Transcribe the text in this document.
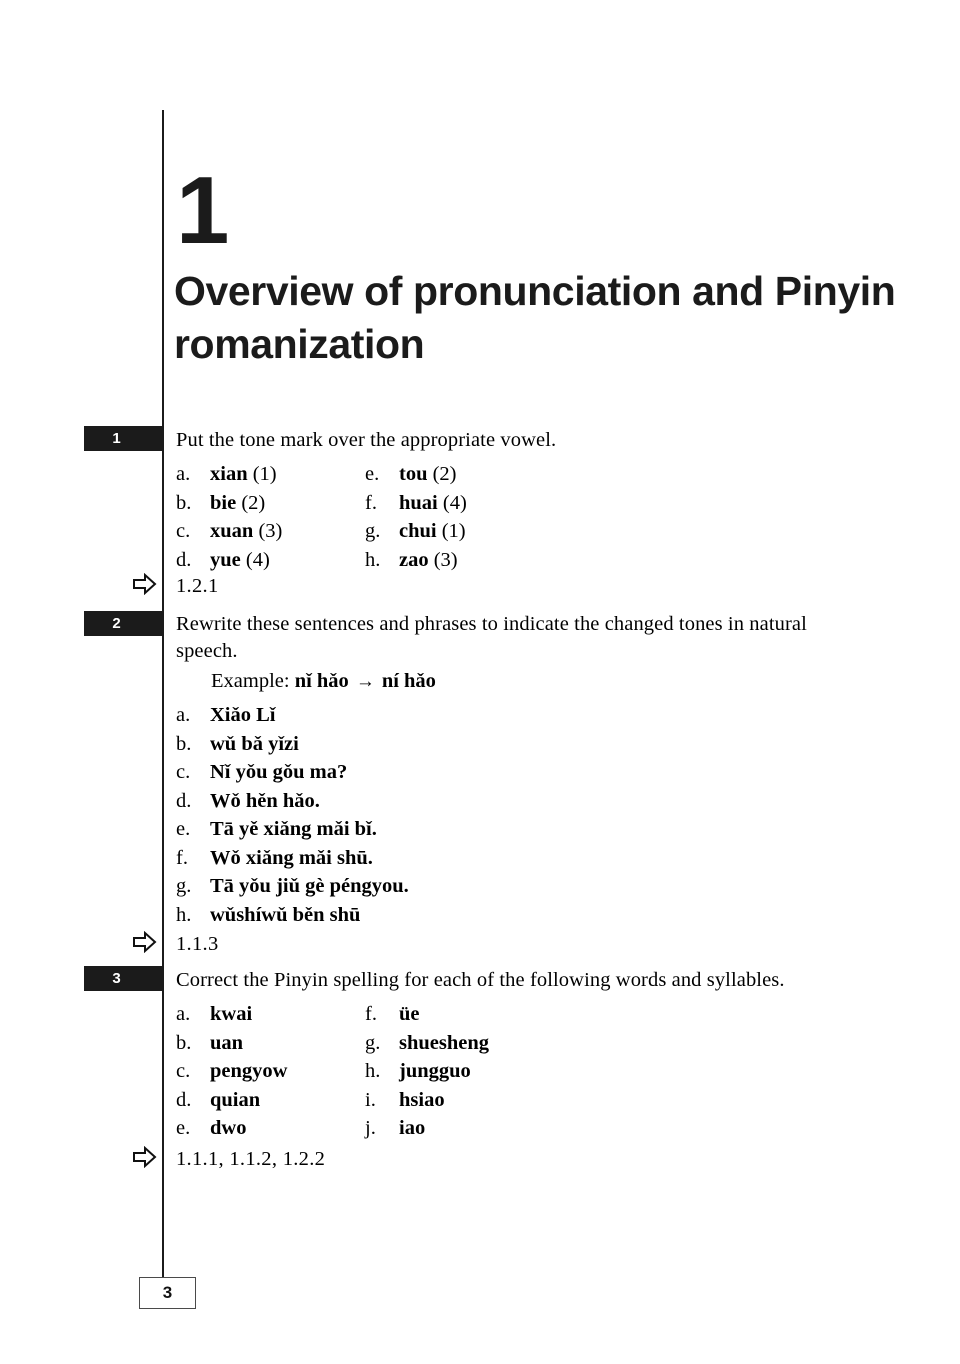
1
Overview of pronunciation and Pinyin romanization
1	Put the tone mark over the appropriate vowel.
a. xian (1)
b. bie (2)
c. xuan (3)
d. yue (4)
e. tou (2)
f. huai (4)
g. chui (1)
h. zao (3)
1.2.1
2	Rewrite these sentences and phrases to indicate the changed tones in natural speech.
Example: nǐ hǎo → ní hǎo
a. Xiǎo Lǐ
b. wǔ bǎ yǐzi
c. Nǐ yǒu gǒu ma?
d. Wǒ hěn hǎo.
e. Tā yě xiǎng mǎi bǐ.
f. Wǒ xiǎng mǎi shū.
g. Tā yǒu jiǔ gè péngyou.
h. wǔshíwǔ běn shū
1.1.3
3	Correct the Pinyin spelling for each of the following words and syllables.
a. kwai
b. uan
c. pengyow
d. quian
e. dwo
f. üe
g. shuesheng
h. jungguo
i. hsiao
j. iao
1.1.1, 1.1.2, 1.2.2
3
